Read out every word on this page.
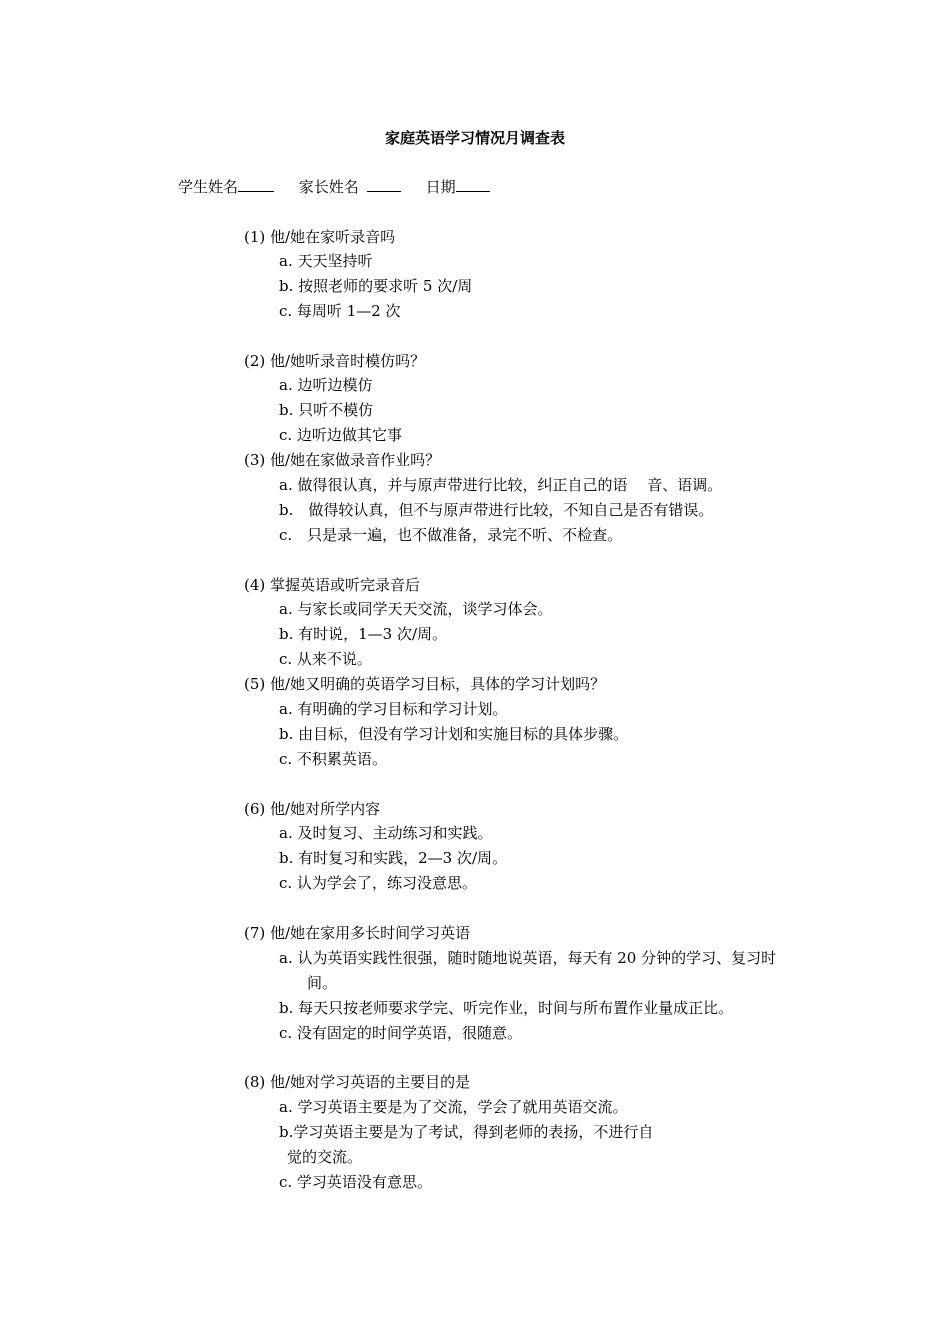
家庭英语学习情况月调查表
学生姓名	家长姓名	日期
(1) 他/她在家听录音吗
a. 天天坚持听
b. 按照老师的要求听 5 次/周
c. 每周听 1—2 次
(2) 他/她听录音时模仿吗？
a. 边听边模仿
b. 只听不模仿
c. 边听边做其它事
(3) 他/她在家做录音作业吗？
a. 做得很认真，并与原声带进行比较，纠正自己的语　 音、语调。
b.　做得较认真，但不与原声带进行比较，不知自己是否有错误。
c.　只是录一遍，也不做准备，录完不听、不检查。
(4) 掌握英语或听完录音后
a. 与家长或同学天天交流，谈学习体会。
b. 有时说，1—3 次/周。
c. 从来不说。
(5) 他/她又明确的英语学习目标，具体的学习计划吗？
a. 有明确的学习目标和学习计划。
b. 由目标，但没有学习计划和实施目标的具体步骤。
c. 不积累英语。
(6) 他/她对所学内容
a. 及时复习、主动练习和实践。
b. 有时复习和实践，2—3 次/周。
c. 认为学会了，练习没意思。
(7) 他/她在家用多长时间学习英语
a. 认为英语实践性很强，随时随地说英语，每天有 20 分钟的学习、复习时
间。
b. 每天只按老师要求学完、听完作业，时间与所布置作业量成正比。
c. 没有固定的时间学英语，很随意。
(8) 他/她对学习英语的主要目的是
a. 学习英语主要是为了交流，学会了就用英语交流。
b.学习英语主要是为了考试，得到老师的表扬，不进行自
觉的交流。
c. 学习英语没有意思。
